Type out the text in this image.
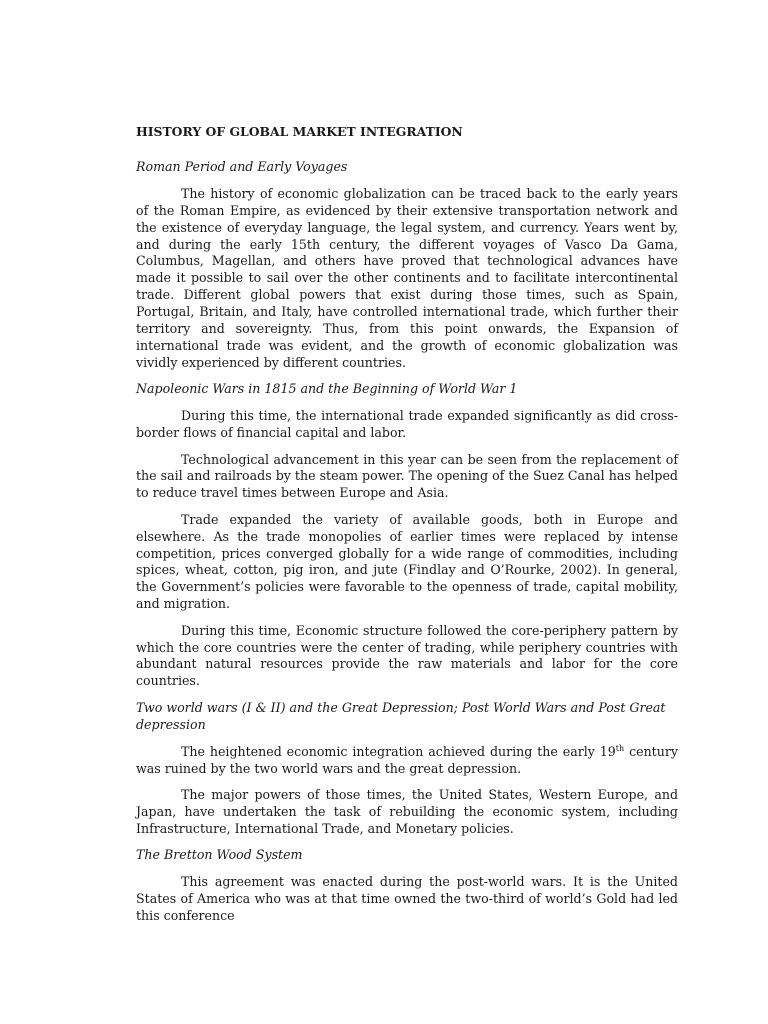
HISTORY OF GLOBAL MARKET INTEGRATION
Roman Period and Early Voyages

The history of economic globalization can be traced back to the early years of the Roman Empire, as evidenced by their extensive transportation network and the existence of everyday language, the legal system, and currency. Years went by, and during the early 15th century, the different voyages of Vasco Da Gama, Columbus, Magellan, and others have proved that technological advances have made it possible to sail over the other continents and to facilitate intercontinental trade. Different global powers that exist during those times, such as Spain, Portugal, Britain, and Italy, have controlled international trade, which further their territory and sovereignty. Thus, from this point onwards, the Expansion of international trade was evident, and the growth of economic globalization was vividly experienced by different countries.

Napoleonic Wars in 1815 and the Beginning of World War 1

During this time, the international trade expanded significantly as did cross-border flows of financial capital and labor.

Technological advancement in this year can be seen from the replacement of the sail and railroads by the steam power. The opening of the Suez Canal has helped to reduce travel times between Europe and Asia.

Trade expanded the variety of available goods, both in Europe and elsewhere. As the trade monopolies of earlier times were replaced by intense competition, prices converged globally for a wide range of commodities, including spices, wheat, cotton, pig iron, and jute (Findlay and O’Rourke, 2002). In general, the Government’s policies were favorable to the openness of trade, capital mobility, and migration.

During this time, Economic structure followed the core-periphery pattern by which the core countries were the center of trading, while periphery countries with abundant natural resources provide the raw materials and labor for the core countries.

Two world wars (I & II) and the Great Depression; Post World Wars and Post Great depression

The heightened economic integration achieved during the early 19th century was ruined by the two world wars and the great depression.

The major powers of those times, the United States, Western Europe, and Japan, have undertaken the task of rebuilding the economic system, including Infrastructure, International Trade, and Monetary policies.

The Bretton Wood System

This agreement was enacted during the post-world wars. It is the United States of America who was at that time owned the two-third of world’s Gold had led this conference
